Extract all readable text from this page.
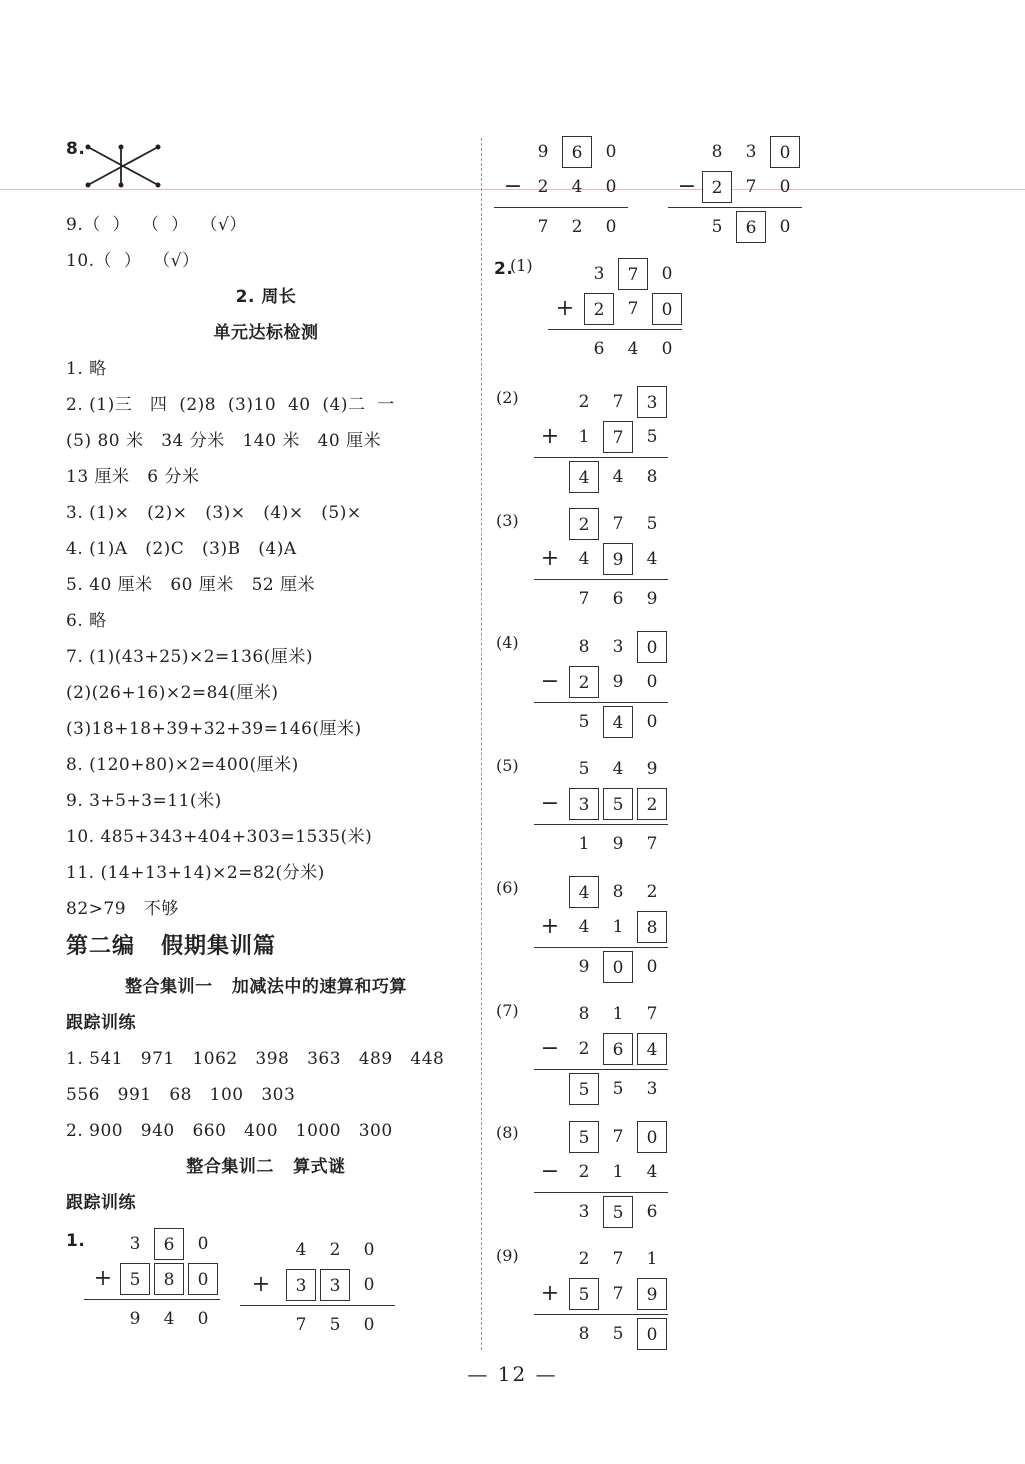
8.
9.（  ）  （  ）  （√）
10.（  ）  （√）
2. 周长
单元达标检测
1. 略
2. (1)三   四  (2)8  (3)10  40  (4)二  一
(5) 80 米   34 分米   140 米   40 厘米
13 厘米   6 分米
3. (1)×   (2)×   (3)×   (4)×   (5)×
4. (1)A   (2)C   (3)B   (4)A
5. 40 厘米   60 厘米   52 厘米
6. 略
7. (1)(43+25)×2=136(厘米)
(2)(26+16)×2=84(厘米)
(3)18+18+39+32+39=146(厘米)
8. (120+80)×2=400(厘米)
9. 3+5+3=11(米)
10. 485+343+404+303=1535(米)
11. (14+13+14)×2=82(分米)
82>79   不够
第二编   假期集训篇
整合集训一   加减法中的速算和巧算
跟踪训练
1. 541   971   1062   398   363   489   448
556   991   68   100   303
2. 900   940   660   400   1000   300
整合集训二   算式谜
跟踪训练
1.
2.
(1)
(2)
(3)
(4)
(5)
(6)
(7)
(8)
(9)
3	6	0
5	8	0
9	4	0
+
4	2	0
3	3	0
7	5	0
+
9	6	0
2	4	0
7	2	0
−
8	3	0
2	7	0
5	6	0
−
3	7	0
2	7	0
6	4	0
+
2	7	3
1	7	5
4	4	8
+
2	7	5
4	9	4
7	6	9
+
8	3	0
2	9	0
5	4	0
−
5	4	9
3	5	2
1	9	7
−
4	8	2
4	1	8
9	0	0
+
8	1	7
2	6	4
5	5	3
−
5	7	0
2	1	4
3	5	6
−
2	7	1
5	7	9
8	5	0
+
— 12 —
